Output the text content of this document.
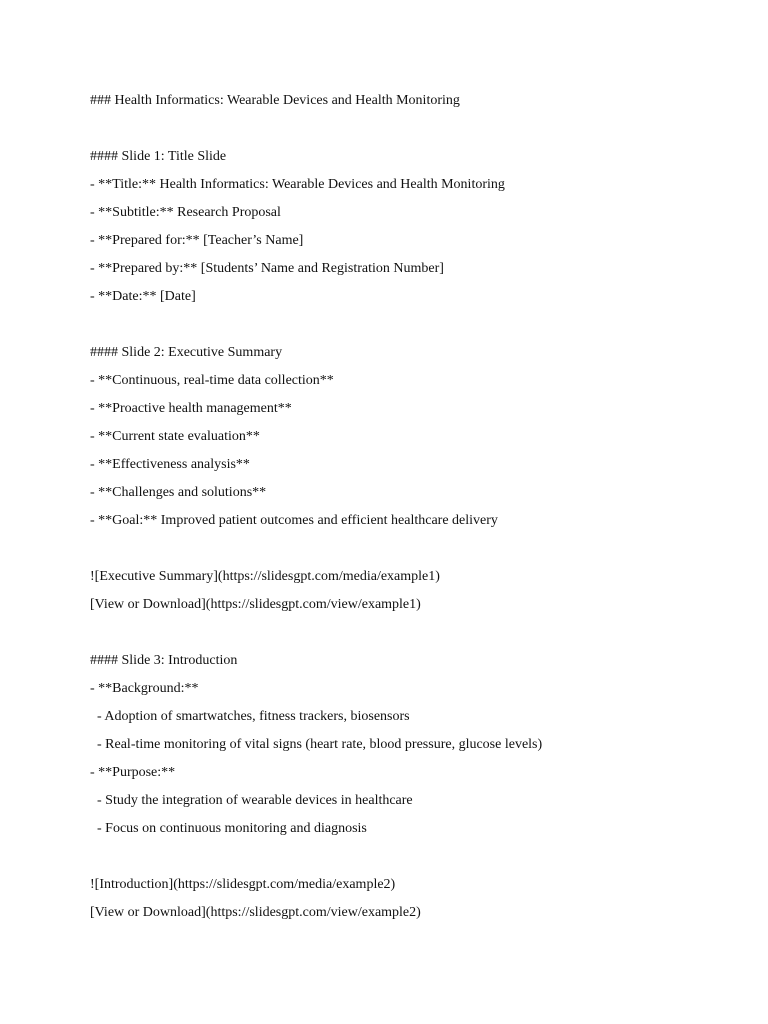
### Health Informatics: Wearable Devices and Health Monitoring
#### Slide 1: Title Slide
- **Title:** Health Informatics: Wearable Devices and Health Monitoring
- **Subtitle:** Research Proposal
- **Prepared for:** [Teacher’s Name]
- **Prepared by:** [Students’ Name and Registration Number]
- **Date:** [Date]
#### Slide 2: Executive Summary
- **Continuous, real-time data collection**
- **Proactive health management**
- **Current state evaluation**
- **Effectiveness analysis**
- **Challenges and solutions**
- **Goal:** Improved patient outcomes and efficient healthcare delivery
![Executive Summary](https://slidesgpt.com/media/example1)
[View or Download](https://slidesgpt.com/view/example1)
#### Slide 3: Introduction
- **Background:**
- Adoption of smartwatches, fitness trackers, biosensors
- Real-time monitoring of vital signs (heart rate, blood pressure, glucose levels)
- **Purpose:**
- Study the integration of wearable devices in healthcare
- Focus on continuous monitoring and diagnosis
![Introduction](https://slidesgpt.com/media/example2)
[View or Download](https://slidesgpt.com/view/example2)
